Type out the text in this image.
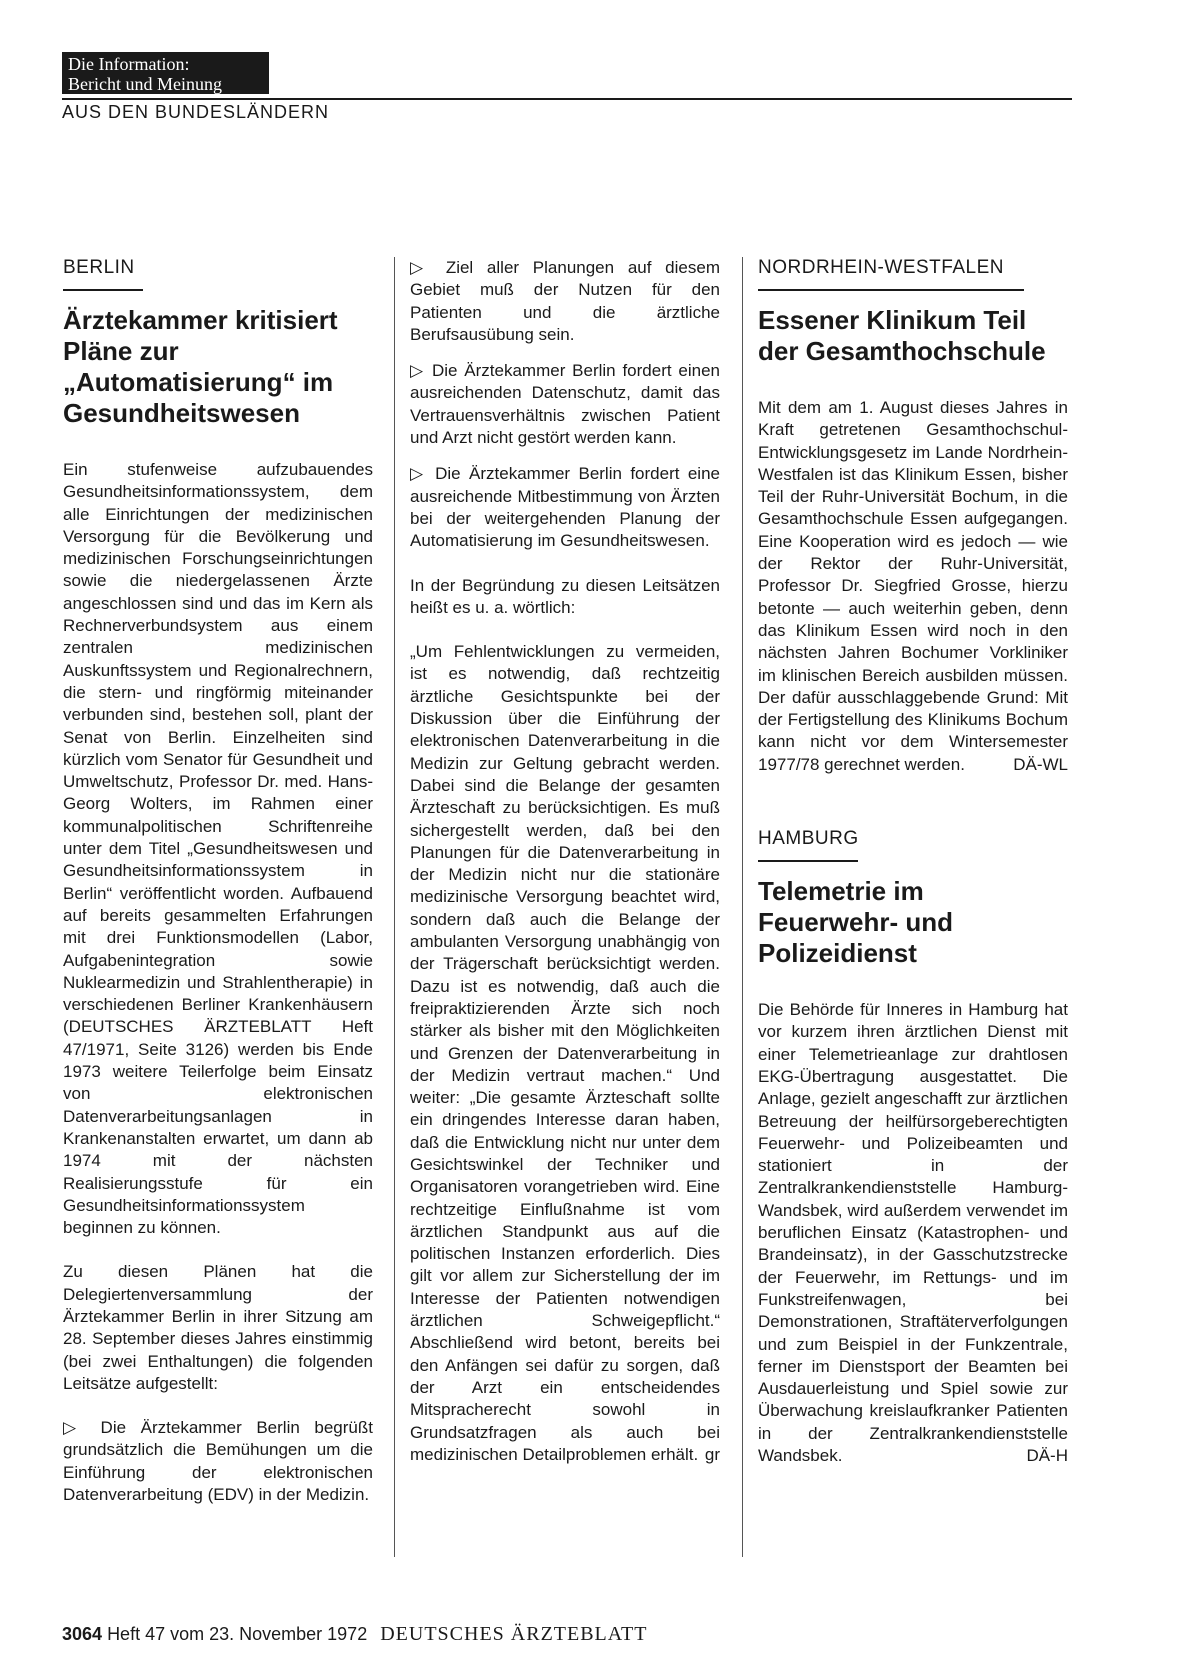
Die Information:
Bericht und Meinung
AUS DEN BUNDESLÄNDERN
BERLIN
Ärztekammer kritisiert Pläne zur „Automatisierung“ im Gesundheitswesen

Ein stufenweise aufzubauendes Gesundheitsinformationssystem, dem alle Einrichtungen der medizinischen Versorgung für die Bevölkerung und medizinischen Forschungseinrichtungen sowie die niedergelassenen Ärzte angeschlossen sind und das im Kern als Rechnerverbundsystem aus einem zentralen medizinischen Auskunftssystem und Regionalrechnern, die stern- und ringförmig miteinander verbunden sind, bestehen soll, plant der Senat von Berlin. Einzelheiten sind kürzlich vom Senator für Gesundheit und Umweltschutz, Professor Dr. med. Hans-Georg Wolters, im Rahmen einer kommunalpolitischen Schriftenreihe unter dem Titel „Gesundheitswesen und Gesundheitsinformationssystem in Berlin“ veröffentlicht worden. Aufbauend auf bereits gesammelten Erfahrungen mit drei Funktionsmodellen (Labor, Aufgabenintegration sowie Nuklearmedizin und Strahlentherapie) in verschiedenen Berliner Krankenhäusern (DEUTSCHES ÄRZTEBLATT Heft 47/1971, Seite 3126) werden bis Ende 1973 weitere Teilerfolge beim Einsatz von elektronischen Datenverarbeitungsanlagen in Krankenanstalten erwartet, um dann ab 1974 mit der nächsten Realisierungsstufe für ein Gesundheitsinformationssystem beginnen zu können.

Zu diesen Plänen hat die Delegiertenversammlung der Ärztekammer Berlin in ihrer Sitzung am 28. September dieses Jahres einstimmig (bei zwei Enthaltungen) die folgenden Leitsätze aufgestellt:

▷ Die Ärztekammer Berlin begrüßt grundsätzlich die Bemühungen um die Einführung der elektronischen Datenverarbeitung (EDV) in der Medizin.

▷ Ziel aller Planungen auf diesem Gebiet muß der Nutzen für den Patienten und die ärztliche Berufsausübung sein.

▷ Die Ärztekammer Berlin fordert einen ausreichenden Datenschutz, damit das Vertrauensverhältnis zwischen Patient und Arzt nicht gestört werden kann.

▷ Die Ärztekammer Berlin fordert eine ausreichende Mitbestimmung von Ärzten bei der weitergehenden Planung der Automatisierung im Gesundheitswesen.

In der Begründung zu diesen Leitsätzen heißt es u. a. wörtlich:

„Um Fehlentwicklungen zu vermeiden, ist es notwendig, daß rechtzeitig ärztliche Gesichtspunkte bei der Diskussion über die Einführung der elektronischen Datenverarbeitung in die Medizin zur Geltung gebracht werden. Dabei sind die Belange der gesamten Ärzteschaft zu berücksichtigen. Es muß sichergestellt werden, daß bei den Planungen für die Datenverarbeitung in der Medizin nicht nur die stationäre medizinische Versorgung beachtet wird, sondern daß auch die Belange der ambulanten Versorgung unabhängig von der Trägerschaft berücksichtigt werden. Dazu ist es notwendig, daß auch die freipraktizierenden Ärzte sich noch stärker als bisher mit den Möglichkeiten und Grenzen der Datenverarbeitung in der Medizin vertraut machen.“ Und weiter: „Die gesamte Ärzteschaft sollte ein dringendes Interesse daran haben, daß die Entwicklung nicht nur unter dem Gesichtswinkel der Techniker und Organisatoren vorangetrieben wird. Eine rechtzeitige Einflußnahme ist vom ärztlichen Standpunkt aus auf die politischen Instanzen erforderlich. Dies gilt vor allem zur Sicherstellung der im Interesse der Patienten notwendigen ärztlichen Schweigepflicht.“ Abschließend wird betont, bereits bei den Anfängen sei dafür zu sorgen, daß der Arzt ein entscheidendes Mitspracherecht sowohl in Grundsatzfragen als auch bei medizinischen Detailproblemen erhält. gr

NORDRHEIN-WESTFALEN
Essener Klinikum Teil der Gesamthochschule

Mit dem am 1. August dieses Jahres in Kraft getretenen Gesamthochschul-Entwicklungsgesetz im Lande Nordrhein-Westfalen ist das Klinikum Essen, bisher Teil der Ruhr-Universität Bochum, in die Gesamthochschule Essen aufgegangen. Eine Kooperation wird es jedoch — wie der Rektor der Ruhr-Universität, Professor Dr. Siegfried Grosse, hierzu betonte — auch weiterhin geben, denn das Klinikum Essen wird noch in den nächsten Jahren Bochumer Vorkliniker im klinischen Bereich ausbilden müssen. Der dafür ausschlaggebende Grund: Mit der Fertigstellung des Klinikums Bochum kann nicht vor dem Wintersemester 1977/78 gerechnet werden.	DÄ-WL

HAMBURG
Telemetrie im Feuerwehr- und Polizeidienst

Die Behörde für Inneres in Hamburg hat vor kurzem ihren ärztlichen Dienst mit einer Telemetrieanlage zur drahtlosen EKG-Übertragung ausgestattet. Die Anlage, gezielt angeschafft zur ärztlichen Betreuung der heilfürsorgeberechtigten Feuerwehr- und Polizeibeamten und stationiert in der Zentralkrankendienststelle Hamburg-Wandsbek, wird außerdem verwendet im beruflichen Einsatz (Katastrophen- und Brandeinsatz), in der Gasschutzstrecke der Feuerwehr, im Rettungs- und im Funkstreifenwagen, bei Demonstrationen, Straftäterverfolgungen und zum Beispiel in der Funkzentrale, ferner im Dienstsport der Beamten bei Ausdauerleistung und Spiel sowie zur Überwachung kreislaufkranker Patienten in der Zentralkrankendienststelle Wandsbek.	DÄ-H

3064 Heft 47 vom 23. November 1972 DEUTSCHES ÄRZTEBLATT
